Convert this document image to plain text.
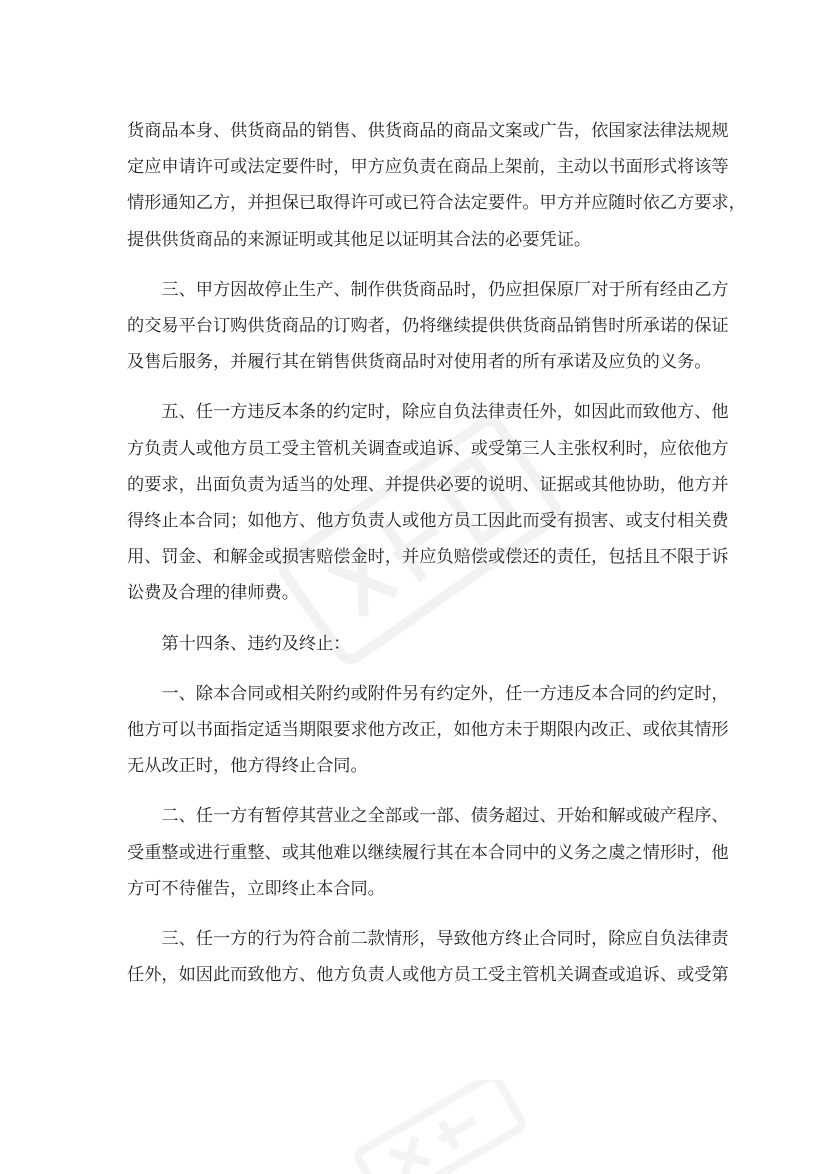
货商品本身、供货商品的销售、供货商品的商品文案或广告，依国家法律法规规
定应申请许可或法定要件时，甲方应负责在商品上架前，主动以书面形式将该等
情形通知乙方，并担保已取得许可或已符合法定要件。甲方并应随时依乙方要求，
提供供货商品的来源证明或其他足以证明其合法的必要凭证。

三、甲方因故停止生产、制作供货商品时，仍应担保原厂对于所有经由乙方
的交易平台订购供货商品的订购者，仍将继续提供供货商品销售时所承诺的保证
及售后服务，并履行其在销售供货商品时对使用者的所有承诺及应负的义务。

五、任一方违反本条的约定时，除应自负法律责任外，如因此而致他方、他
方负责人或他方员工受主管机关调查或追诉、或受第三人主张权利时，应依他方
的要求，出面负责为适当的处理、并提供必要的说明、证据或其他协助，他方并
得终止本合同；如他方、他方负责人或他方员工因此而受有损害、或支付相关费
用、罚金、和解金或损害赔偿金时，并应负赔偿或偿还的责任，包括且不限于诉
讼费及合理的律师费。

第十四条、违约及终止：

一、除本合同或相关附约或附件另有约定外，任一方违反本合同的约定时，
他方可以书面指定适当期限要求他方改正，如他方未于期限内改正、或依其情形
无从改正时，他方得终止合同。

二、任一方有暂停其营业之全部或一部、债务超过、开始和解或破产程序、
受重整或进行重整、或其他难以继续履行其在本合同中的义务之虞之情形时，他
方可不待催告，立即终止本合同。

三、任一方的行为符合前二款情形，导致他方终止合同时，除应自负法律责
任外，如因此而致他方、他方负责人或他方员工受主管机关调查或追诉、或受第
